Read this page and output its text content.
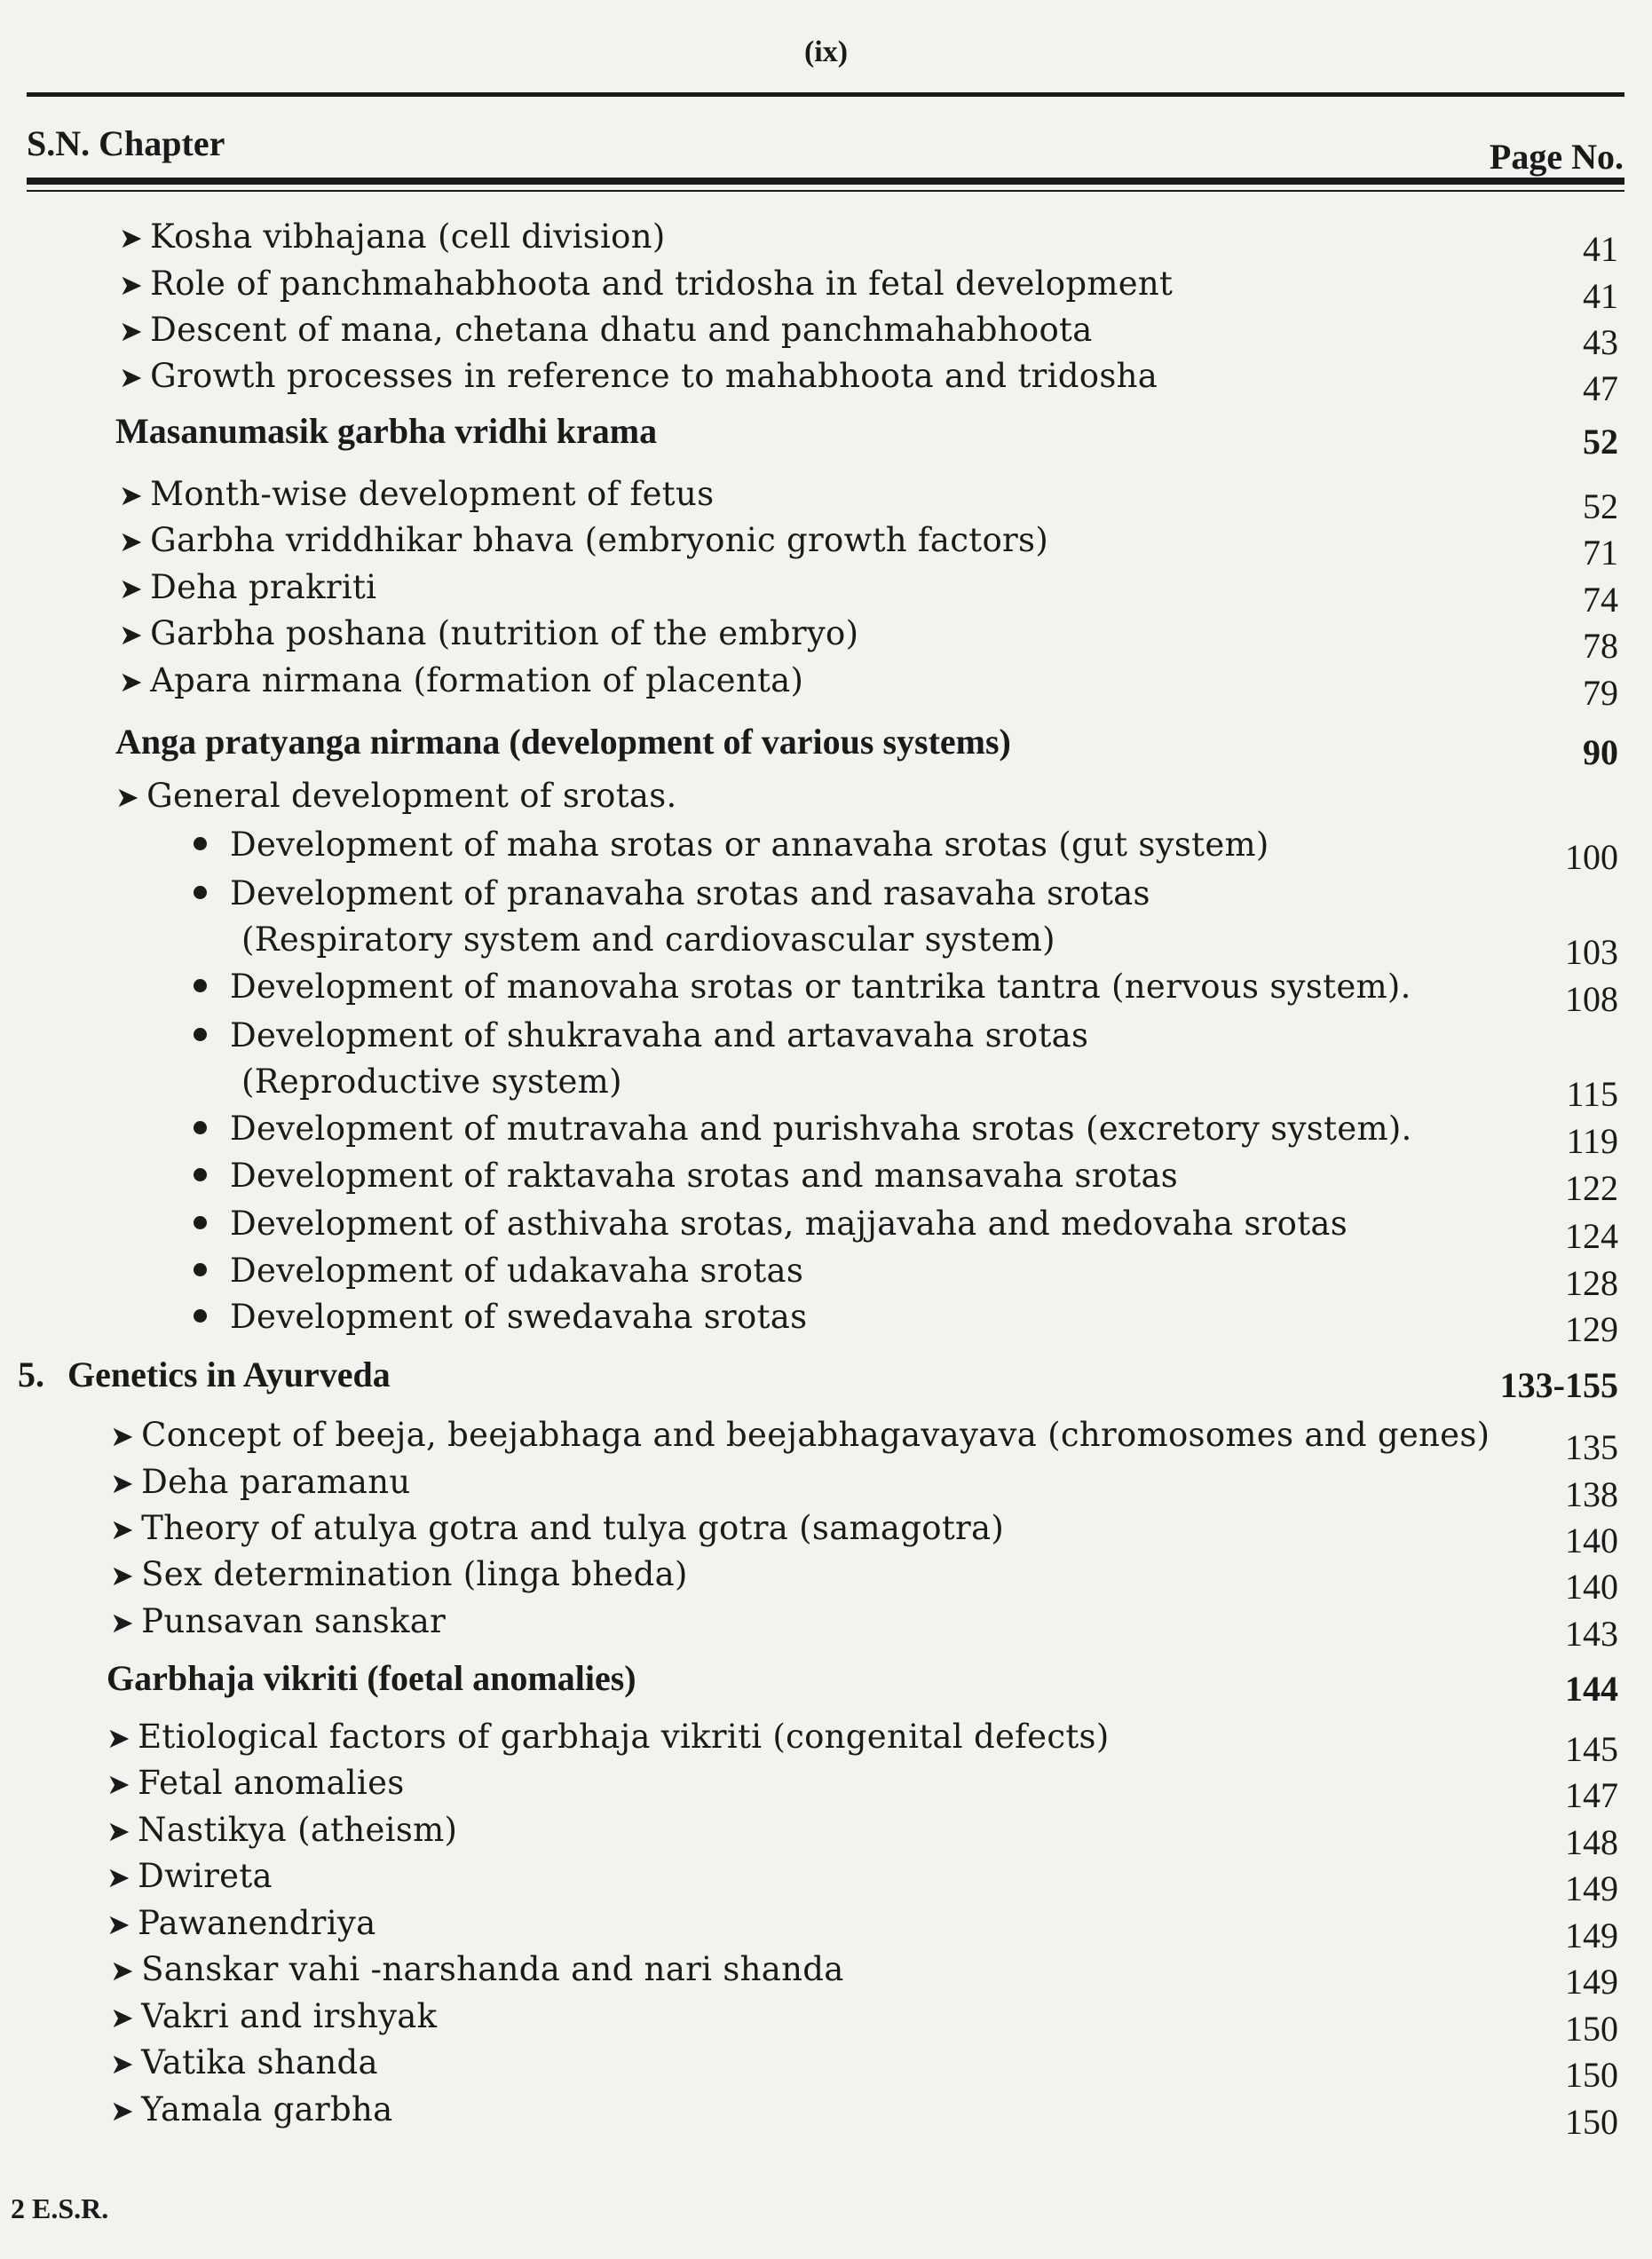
(ix)
S.N. Chapter	Page No.
➤ Kosha vibhajana (cell division)	41
➤ Role of panchmahabhoota and tridosha in fetal development	41
➤ Descent of mana, chetana dhatu and panchmahabhoota	43
➤ Growth processes in reference to mahabhoota and tridosha	47
Masanumasik garbha vridhi krama	52
➤ Month-wise development of fetus	52
➤ Garbha vriddhikar bhava (embryonic growth factors)	71
➤ Deha prakriti	74
➤ Garbha poshana (nutrition of the embryo)	78
➤ Apara nirmana (formation of placenta)	79
Anga pratyanga nirmana (development of various systems)	90
➤ General development of srotas.
Development of maha srotas or annavaha srotas (gut system)	100
Development of pranavaha srotas and rasavaha srotas
(Respiratory system and cardiovascular system)	103
Development of manovaha srotas or tantrika tantra (nervous system).	108
Development of shukravaha and artavavaha srotas
(Reproductive system)	115
Development of mutravaha and purishvaha srotas (excretory system).	119
Development of raktavaha srotas and mansavaha srotas	122
Development of asthivaha srotas, majjavaha and medovaha srotas	124
Development of udakavaha srotas	128
Development of swedavaha srotas	129
5. Genetics in Ayurveda	133-155
➤ Concept of beeja, beejabhaga and beejabhagavayava (chromosomes and genes) 135
➤ Deha paramanu	138
➤ Theory of atulya gotra and tulya gotra (samagotra)	140
➤ Sex determination (linga bheda)	140
➤ Punsavan sanskar	143
Garbhaja vikriti (foetal anomalies)	144
➤ Etiological factors of garbhaja vikriti (congenital defects)	145
➤ Fetal anomalies	147
➤ Nastikya (atheism)	148
➤ Dwireta	149
➤ Pawanendriya	149
➤ Sanskar vahi -narshanda and nari shanda	149
➤ Vakri and irshyak	150
➤ Vatika shanda	150
➤ Yamala garbha	150
2 E.S.R.
